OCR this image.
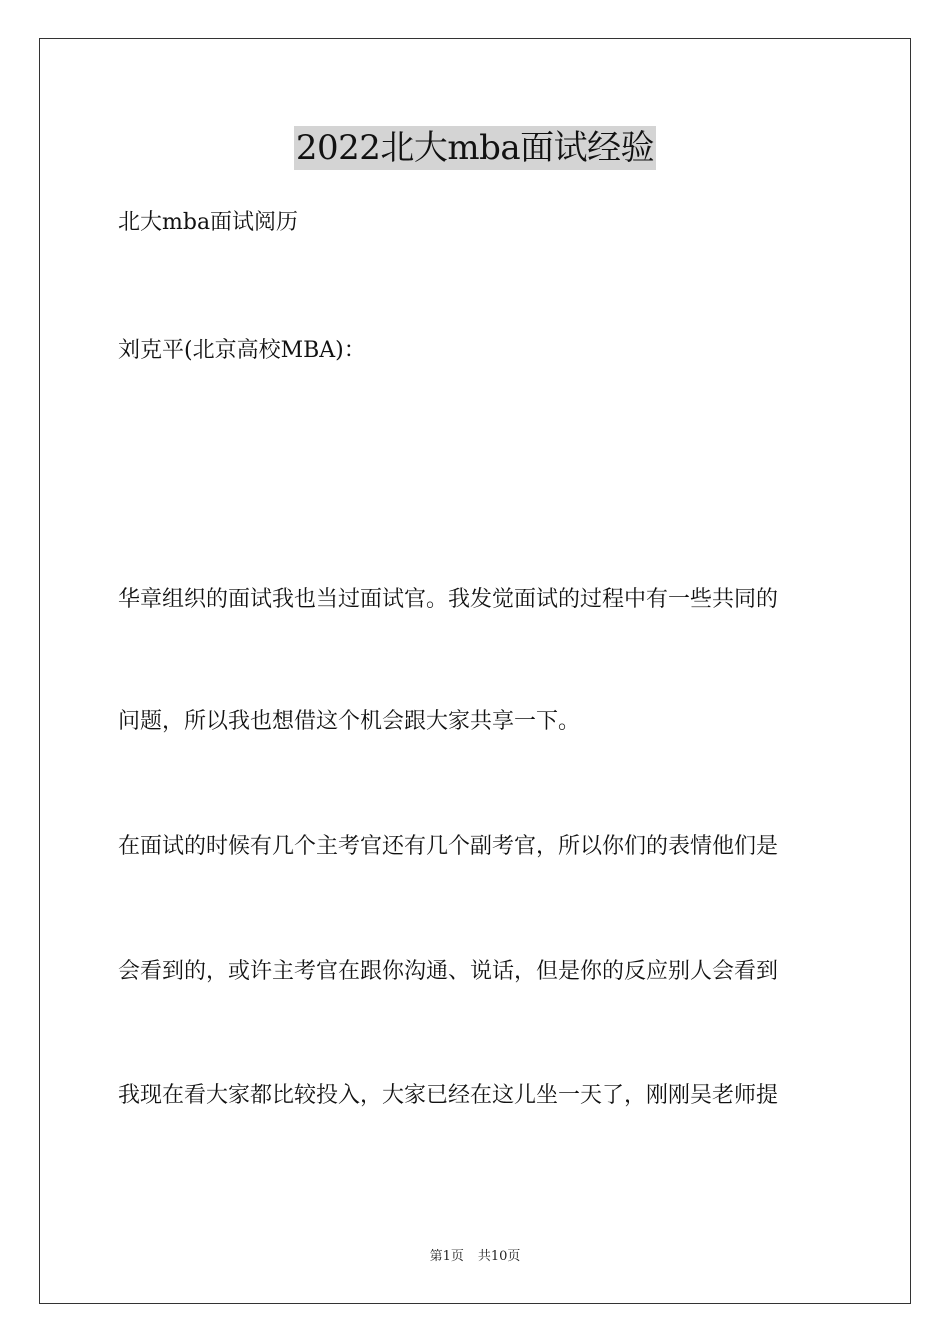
2022北大mba面试经验
北大mba面试阅历
刘克平(北京高校MBA)：
华章组织的面试我也当过面试官。我发觉面试的过程中有一些共同的
问题，所以我也想借这个机会跟大家共享一下。
在面试的时候有几个主考官还有几个副考官，所以你们的表情他们是
会看到的，或许主考官在跟你沟通、说话，但是你的反应别人会看到
我现在看大家都比较投入，大家已经在这儿坐一天了，刚刚吴老师提
第1页 共10页
